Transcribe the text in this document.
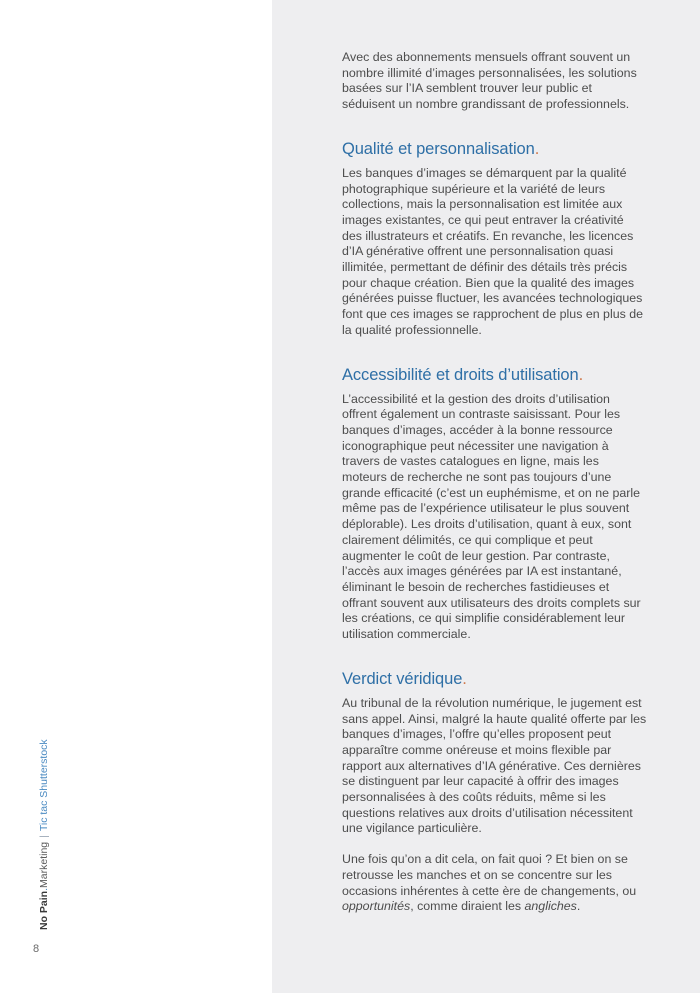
No Pain.Marketing|Tic tac Shutterstock
8

Avec des abonnements mensuels offrant souvent un nombre illimité d’images personnalisées, les solutions basées sur l’IA semblent trouver leur public et séduisent un nombre grandissant de professionnels.

Qualité et personnalisation.

Les banques d’images se démarquent par la qualité photographique supérieure et la variété de leurs collections, mais la personnalisation est limitée aux images existantes, ce qui peut entraver la créativité des illustrateurs et créatifs. En revanche, les licences d’IA générative offrent une personnalisation quasi illimitée, permettant de définir des détails très précis pour chaque création. Bien que la qualité des images générées puisse fluctuer, les avancées technologiques font que ces images se rapprochent de plus en plus de la qualité professionnelle.

Accessibilité et droits d’utilisation.

L’accessibilité et la gestion des droits d’utilisation offrent également un contraste saisissant. Pour les banques d’images, accéder à la bonne ressource iconographique peut nécessiter une navigation à travers de vastes catalogues en ligne, mais les moteurs de recherche ne sont pas toujours d’une grande efficacité (c’est un euphémisme, et on ne parle même pas de l’expérience utilisateur le plus souvent déplorable). Les droits d’utilisation, quant à eux, sont clairement délimités, ce qui complique et peut augmenter le coût de leur gestion. Par contraste, l’accès aux images générées par IA est instantané, éliminant le besoin de recherches fastidieuses et offrant souvent aux utilisateurs des droits complets sur les créations, ce qui simplifie considérablement leur utilisation commerciale.

Verdict véridique.

Au tribunal de la révolution numérique, le jugement est sans appel. Ainsi, malgré la haute qualité offerte par les banques d’images, l’offre qu’elles proposent peut apparaître comme onéreuse et moins flexible par rapport aux alternatives d’IA générative. Ces dernières se distinguent par leur capacité à offrir des images personnalisées à des coûts réduits, même si les questions relatives aux droits d’utilisation nécessitent une vigilance particulière.

Une fois qu’on a dit cela, on fait quoi ? Et bien on se retrousse les manches et on se concentre sur les occasions inhérentes à cette ère de changements, ou opportunités, comme diraient les angliches.
